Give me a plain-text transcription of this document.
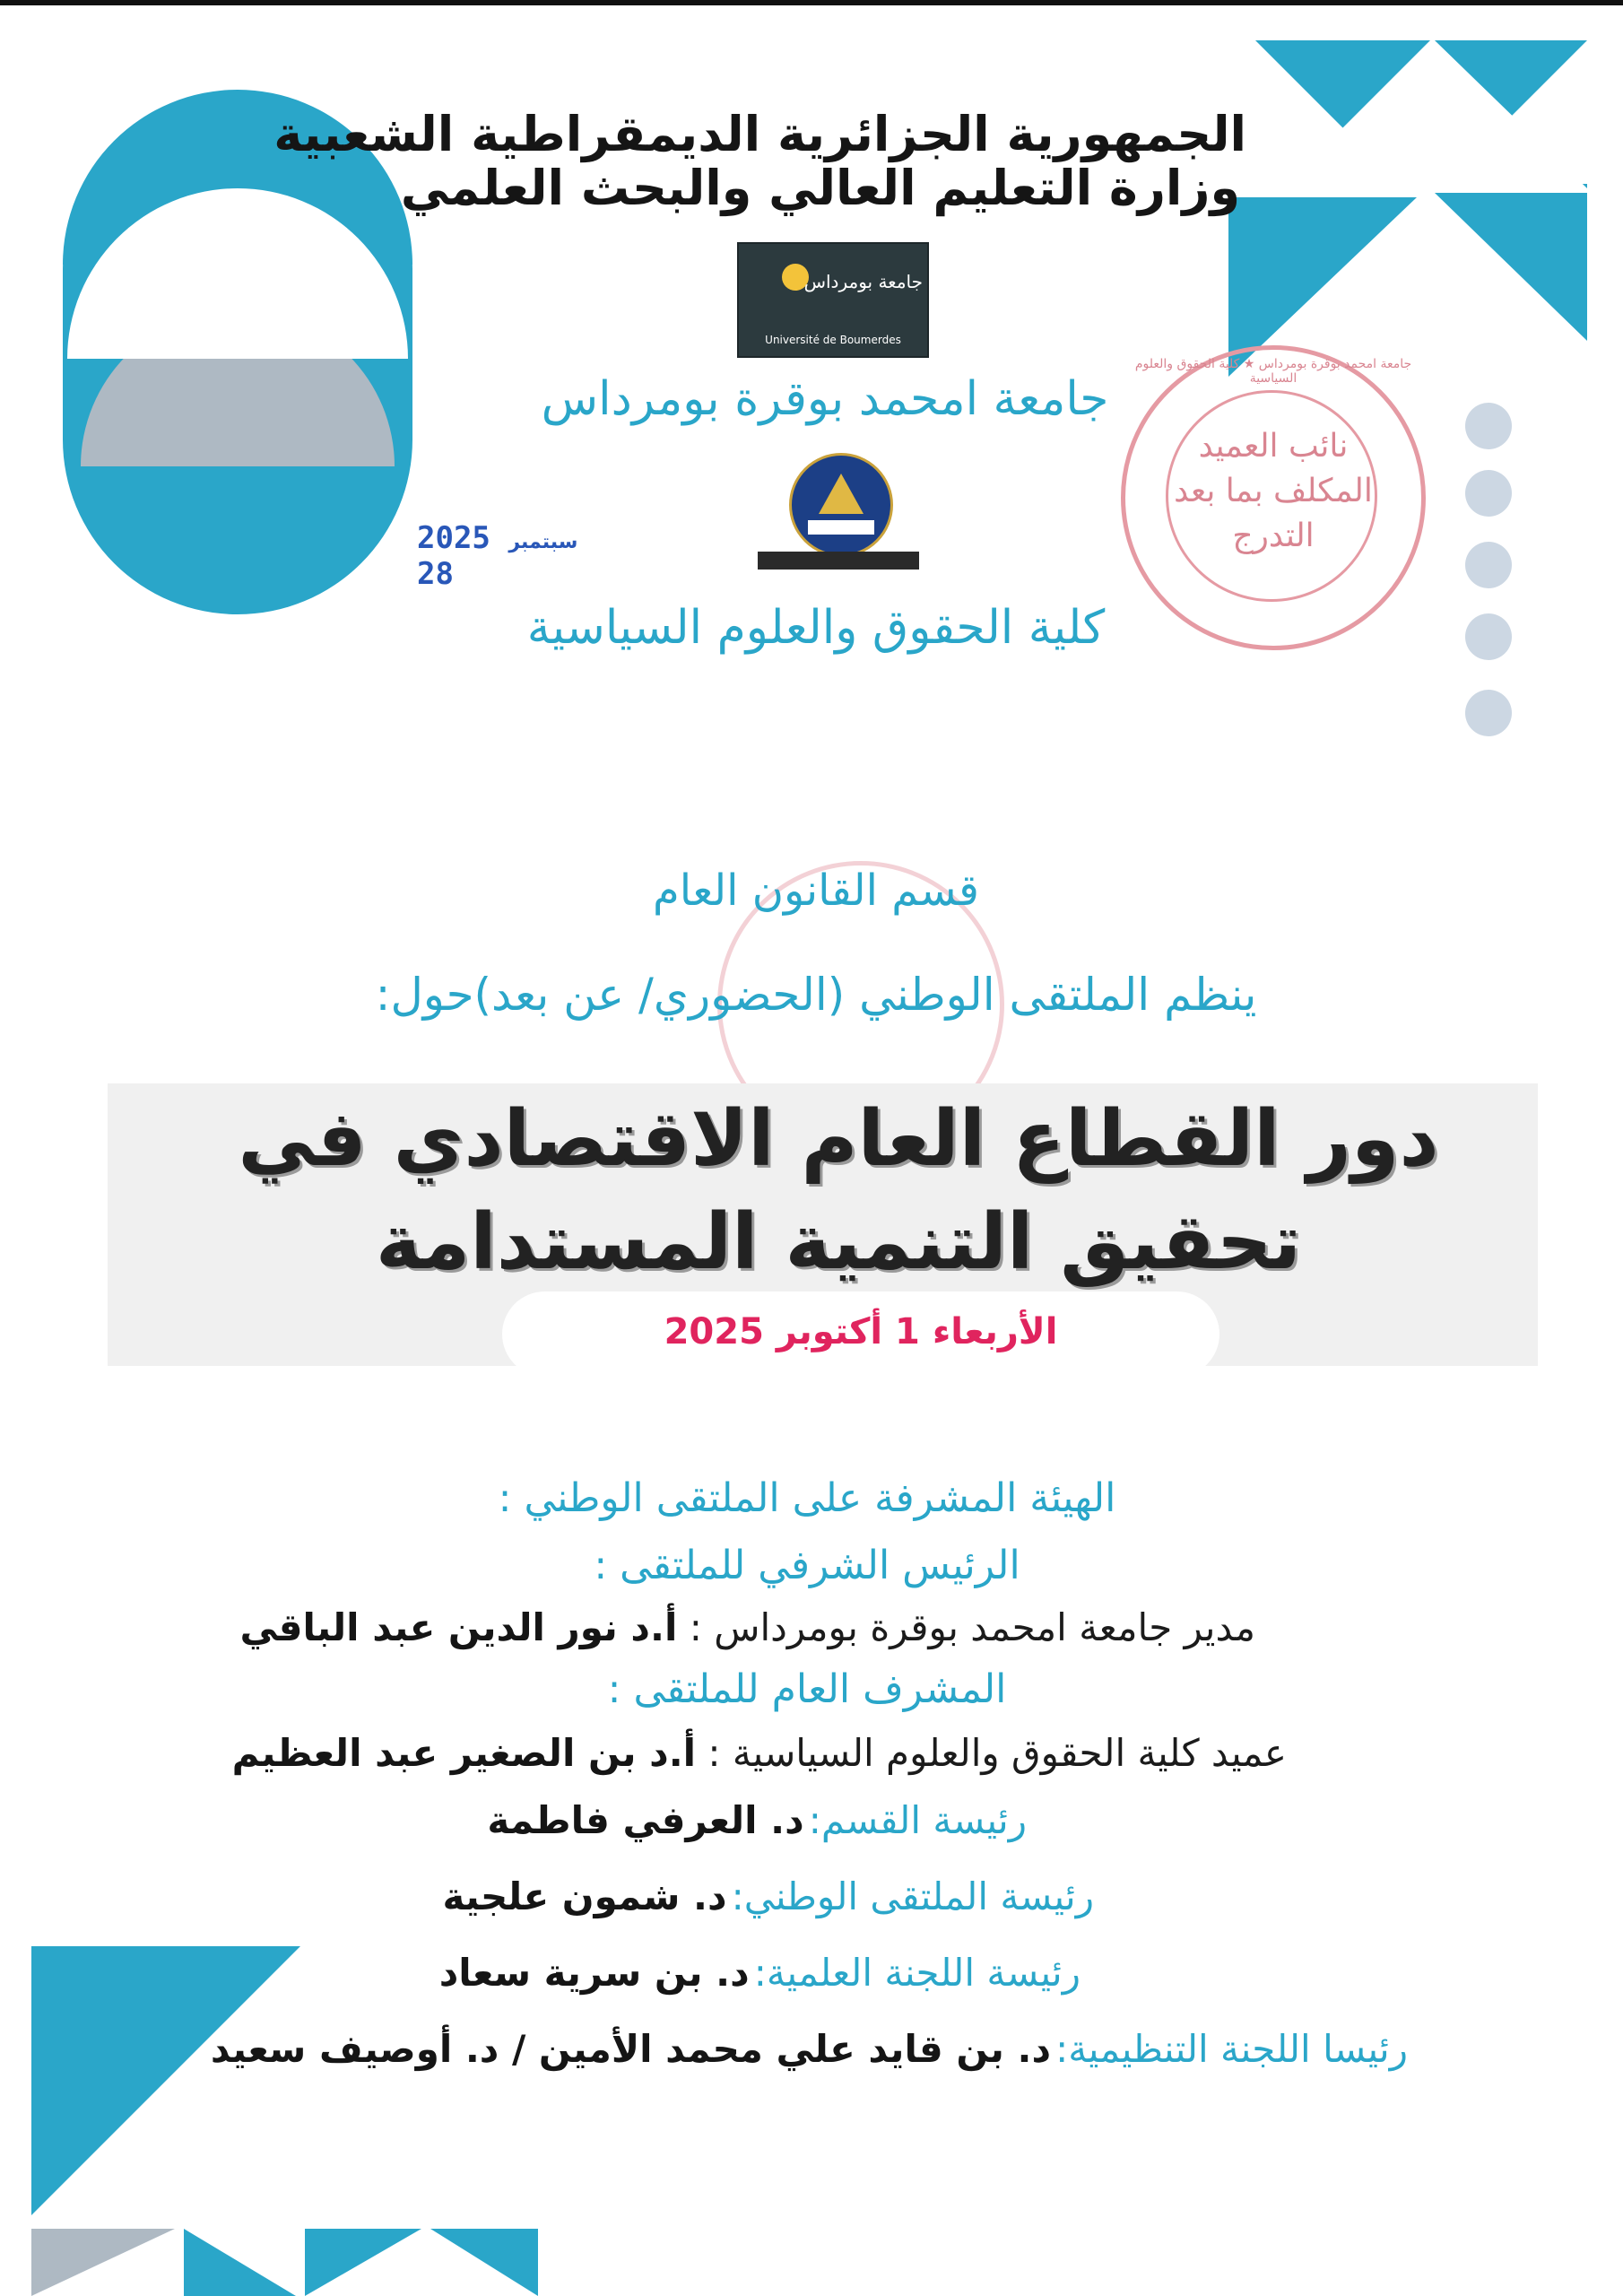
الجمهورية الجزائرية الديمقراطية الشعبية
وزارة التعليم العالي والبحث العلمي
جامعة بومرداس
Université de Boumerdes
جامعة امحمد بوقرة بومرداس
2025 سبتمبر 28
كلية الحقوق والعلوم السياسية
جامعة امحمد بوقرة بومرداس ★ كلية الحقوق والعلوم السياسية
نائب العميد
المكلف بما بعد
التدرج
قسم القانون العام
ينظم الملتقى الوطني (الحضوري/ عن بعد)حول:
دور القطاع العام الاقتصادي في
تحقيق التنمية المستدامة
الأربعاء 1 أكتوبر 2025
الهيئة المشرفة على الملتقى الوطني :
الرئيس الشرفي للملتقى :
مدير جامعة امحمد بوقرة بومرداس : أ.د نور الدين عبد الباقي
المشرف العام للملتقى :
عميد كلية الحقوق والعلوم السياسية : أ.د بن الصغير عبد العظيم
رئيسة القسم: د. العرفي فاطمة
رئيسة الملتقى الوطني: د. شمون علجية
رئيسة اللجنة العلمية: د. بن سرية سعاد
رئيسا اللجنة التنظيمية: د. بن قايد علي محمد الأمين / د. أوصيف سعيد
